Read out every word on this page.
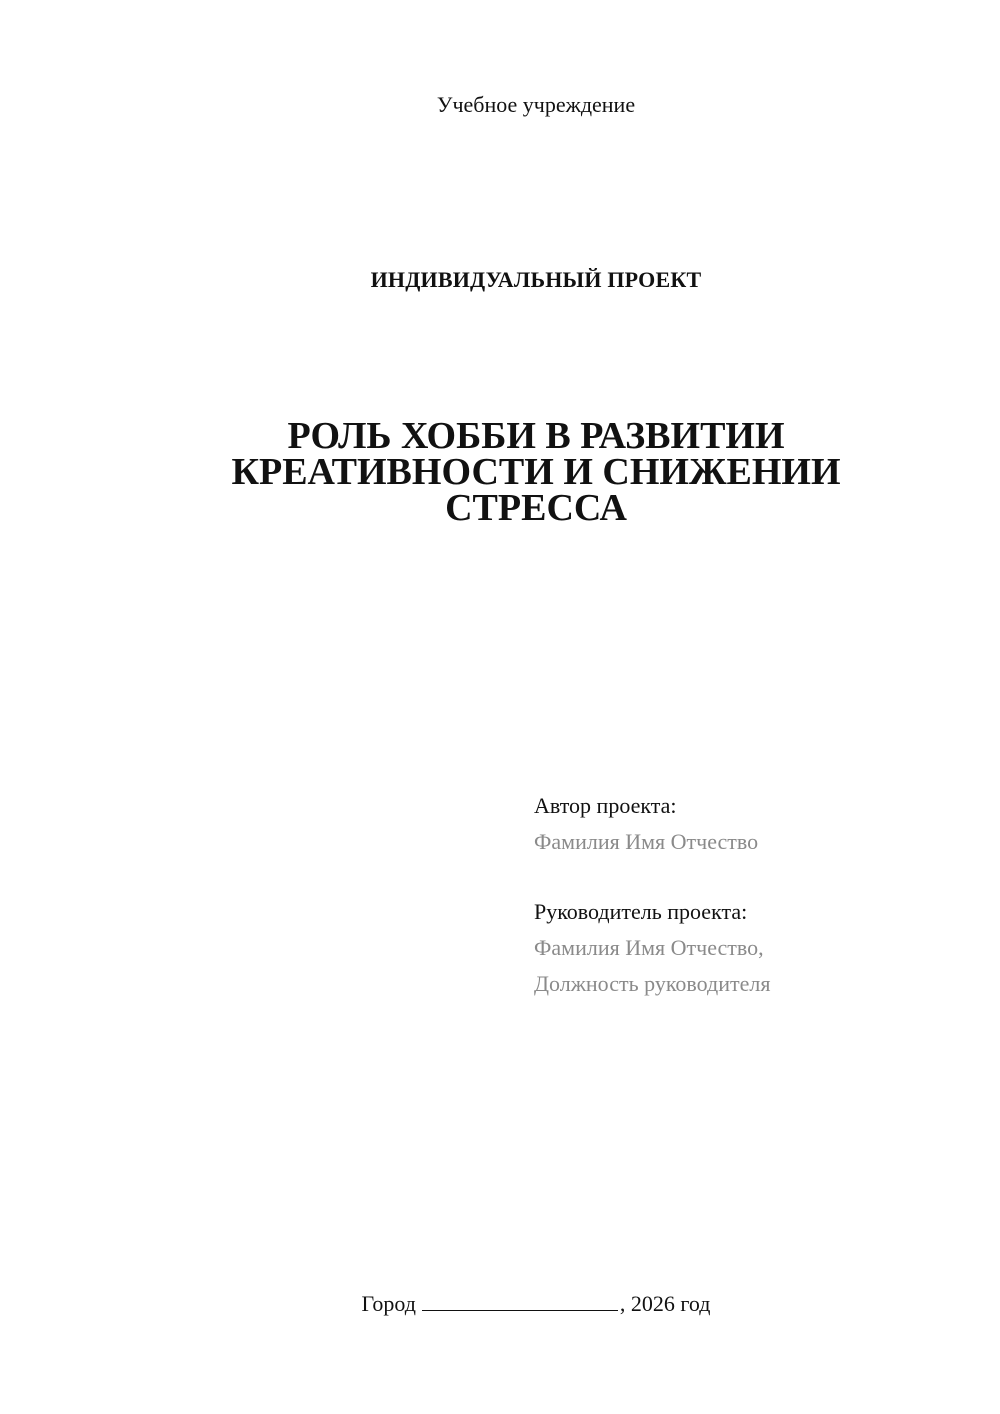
Учебное учреждение
ИНДИВИДУАЛЬНЫЙ ПРОЕКТ
РОЛЬ ХОББИ В РАЗВИТИИ
КРЕАТИВНОСТИ И СНИЖЕНИИ
СТРЕССА
Автор проекта:
Фамилия Имя Отчество
Руководитель проекта:
Фамилия Имя Отчество,
Должность руководителя
Город	, 2026 год
